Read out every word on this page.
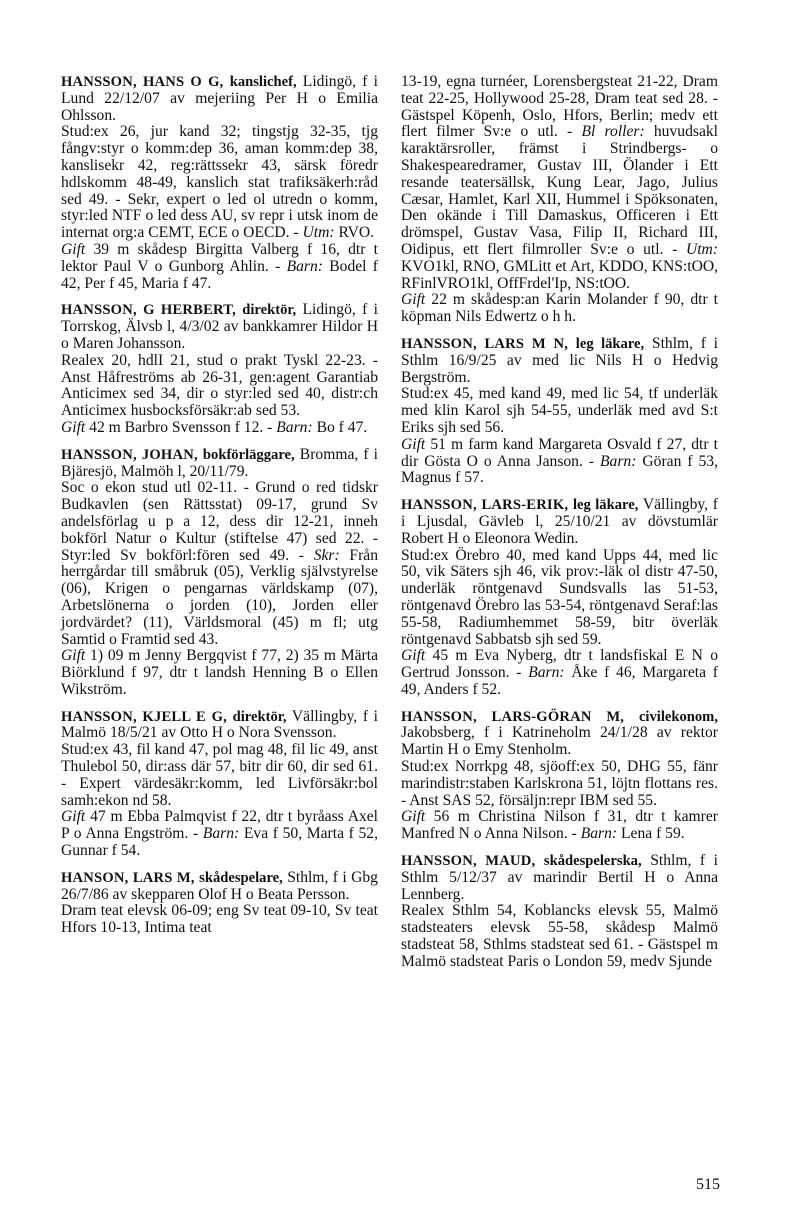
HANSSON, HANS O G, kanslichef, Lidingö, f i Lund 22/12/07 av mejeriing Per H o Emilia Ohlsson.

Stud:ex 26, jur kand 32; tingstjg 32-35, tjg fångv:styr o komm:dep 36, aman komm:dep 38, kanslisekr 42, reg:rättssekr 43, särsk föredr hdlskomm 48-49, kanslich stat trafiksäkerh:råd sed 49. - Sekr, expert o led ol utredn o komm, styr:led NTF o led dess AU, sv repr i utsk inom de internat org:a CEMT, ECE o OECD. - Utm: RVO.

Gift 39 m skådesp Birgitta Valberg f 16, dtr t lektor Paul V o Gunborg Ahlin. - Barn: Bodel f 42, Per f 45, Maria f 47.

HANSSON, G HERBERT, direktör, Lidingö, f i Torrskog, Älvsb l, 4/3/02 av bankkamrer Hildor H o Maren Johansson.

Realex 20, hdlI 21, stud o prakt Tyskl 22-23. - Anst Håfreströms ab 26-31, gen:agent Garantiab Anticimex sed 34, dir o styr:led sed 40, distr:ch Anticimex husbocksförsäkr:ab sed 53.

Gift 42 m Barbro Svensson f 12. - Barn: Bo f 47.

HANSSON, JOHAN, bokförläggare, Bromma, f i Bjäresjö, Malmöh l, 20/11/79.

Soc o ekon stud utl 02-11. - Grund o red tidskr Budkavlen (sen Rättsstat) 09-17, grund Sv andelsförlag u p a 12, dess dir 12-21, inneh bokförl Natur o Kultur (stiftelse 47) sed 22. - Styr:led Sv bokförl:fören sed 49. - Skr: Från herrgårdar till småbruk (05), Verklig självstyrelse (06), Krigen o pengarnas världskamp (07), Arbetslönerna o jorden (10), Jorden eller jordvärdet? (11), Världsmoral (45) m fl; utg Samtid o Framtid sed 43.

Gift 1) 09 m Jenny Bergqvist f 77, 2) 35 m Märta Biörklund f 97, dtr t landsh Henning B o Ellen Wikström.

HANSSON, KJELL E G, direktör, Vällingby, f i Malmö 18/5/21 av Otto H o Nora Svensson.

Stud:ex 43, fil kand 47, pol mag 48, fil lic 49, anst Thulebol 50, dir:ass där 57, bitr dir 60, dir sed 61. - Expert värdesäkr:komm, led Livförsäkr:bol samh:ekon nd 58.

Gift 47 m Ebba Palmqvist f 22, dtr t byråass Axel P o Anna Engström. - Barn: Eva f 50, Marta f 52, Gunnar f 54.

HANSON, LARS M, skådespelare, Sthlm, f i Gbg 26/7/86 av skepparen Olof H o Beata Persson.

Dram teat elevsk 06-09; eng Sv teat 09-10, Sv teat Hfors 10-13, Intima teat

13-19, egna turnéer, Lorensbergsteat 21-22, Dram teat 22-25, Hollywood 25-28, Dram teat sed 28. - Gästspel Köpenh, Oslo, Hfors, Berlin; medv ett flert filmer Sv:e o utl. - Bl roller: huvudsakl karaktärsroller, främst i Strindbergs- o Shakespearedramer, Gustav III, Ölander i Ett resande teatersällsk, Kung Lear, Jago, Julius Cæsar, Hamlet, Karl XII, Hummel i Spöksonaten, Den okände i Till Damaskus, Officeren i Ett drömspel, Gustav Vasa, Filip II, Richard III, Oidipus, ett flert filmroller Sv:e o utl. - Utm: KVO1kl, RNO, GMLitt et Art, KDDO, KNS:tOO, RFinlVRO1kl, OffFrdel'Ip, NS:tOO.

Gift 22 m skådesp:an Karin Molander f 90, dtr t köpman Nils Edwertz o h h.

HANSSON, LARS M N, leg läkare, Sthlm, f i Sthlm 16/9/25 av med lic Nils H o Hedvig Bergström.

Stud:ex 45, med kand 49, med lic 54, tf underläk med klin Karol sjh 54-55, underläk med avd S:t Eriks sjh sed 56.

Gift 51 m farm kand Margareta Osvald f 27, dtr t dir Gösta O o Anna Janson. - Barn: Göran f 53, Magnus f 57.

HANSSON, LARS-ERIK, leg läkare, Vällingby, f i Ljusdal, Gävleb l, 25/10/21 av dövstumlär Robert H o Eleonora Wedin.

Stud:ex Örebro 40, med kand Upps 44, med lic 50, vik Säters sjh 46, vik prov:-läk ol distr 47-50, underläk röntgenavd Sundsvalls las 51-53, röntgenavd Örebro las 53-54, röntgenavd Seraf:las 55-58, Radiumhemmet 58-59, bitr överläk röntgenavd Sabbatsb sjh sed 59.

Gift 45 m Eva Nyberg, dtr t landsfiskal E N o Gertrud Jonsson. - Barn: Åke f 46, Margareta f 49, Anders f 52.

HANSSON, LARS-GÖRAN M, civilekonom, Jakobsberg, f i Katrineholm 24/1/28 av rektor Martin H o Emy Stenholm.

Stud:ex Norrkpg 48, sjöoff:ex 50, DHG 55, fänr marindistr:staben Karlskrona 51, löjtn flottans res. - Anst SAS 52, försäljn:repr IBM sed 55.

Gift 56 m Christina Nilson f 31, dtr t kamrer Manfred N o Anna Nilson. - Barn: Lena f 59.

HANSSON, MAUD, skådespelerska, Sthlm, f i Sthlm 5/12/37 av marindir Bertil H o Anna Lennberg.

Realex Sthlm 54, Koblancks elevsk 55, Malmö stadsteaters elevsk 55-58, skådesp Malmö stadsteat 58, Sthlms stadsteat sed 61. - Gästspel m Malmö stadsteat Paris o London 59, medv Sjunde

515
